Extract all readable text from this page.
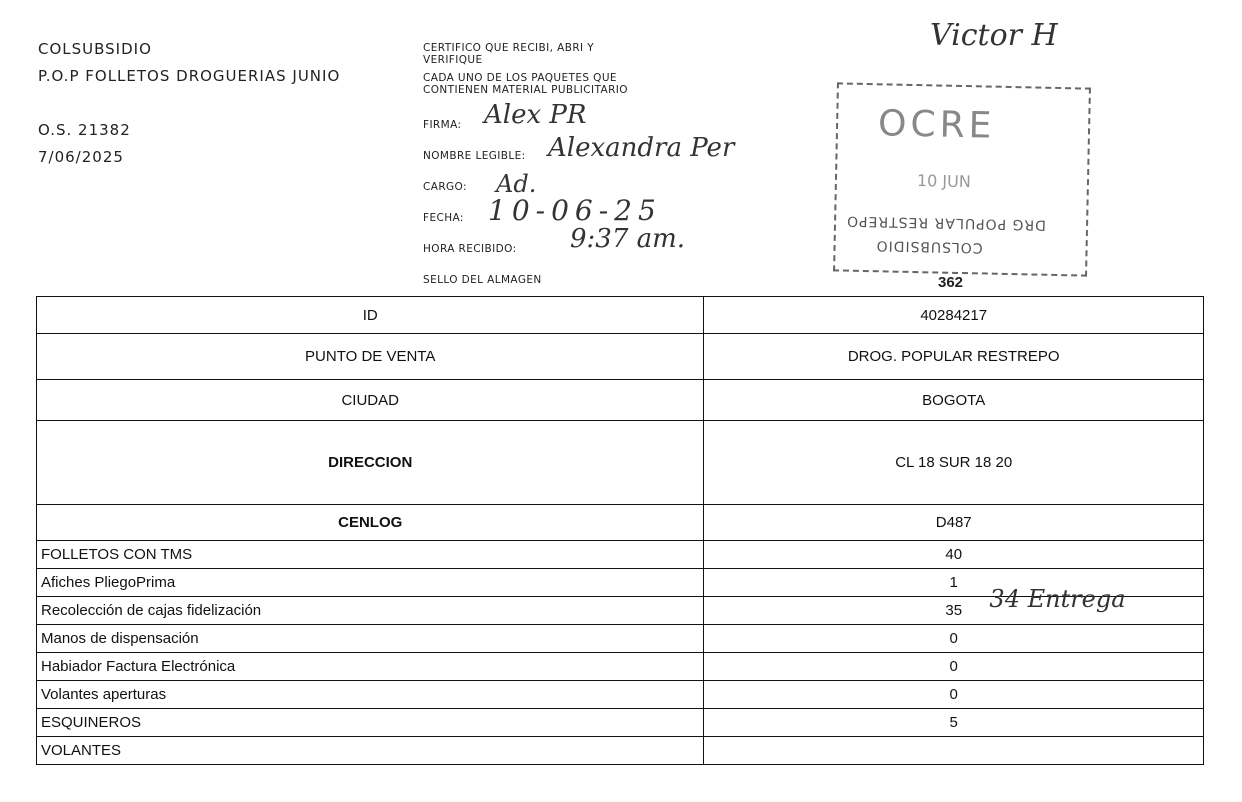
COLSUBSIDIO
P.O.P FOLLETOS DROGUERIAS JUNIO
O.S. 21382
7/06/2025
CERTIFICO QUE RECIBI, ABRI Y
VERIFIQUE
CADA UNO DE LOS PAQUETES QUE
CONTIENEN MATERIAL PUBLICITARIO
FIRMA:
NOMBRE LEGIBLE:
CARGO:
FECHA:
HORA RECIBIDO:
SELLO DEL ALMAGEN
Victor H
Alex PR
Alexandra Per
Ad.
10-06-25
9:37 am.
OCRE
10 JUN
DRG POPULAR RESTREPO
COLSUBSIDIO
362
ID	40284217
PUNTO DE VENTA	DROG. POPULAR RESTREPO
CIUDAD	BOGOTA
DIRECCION	CL 18 SUR 18 20
CENLOG	D487
FOLLETOS CON TMS	40
Afiches PliegoPrima	1
Recolección de cajas fidelización	35 34 Entrega

Manos de dispensación	0
Habiador Factura Electrónica	0
Volantes aperturas	0
ESQUINEROS	5
VOLANTES	
